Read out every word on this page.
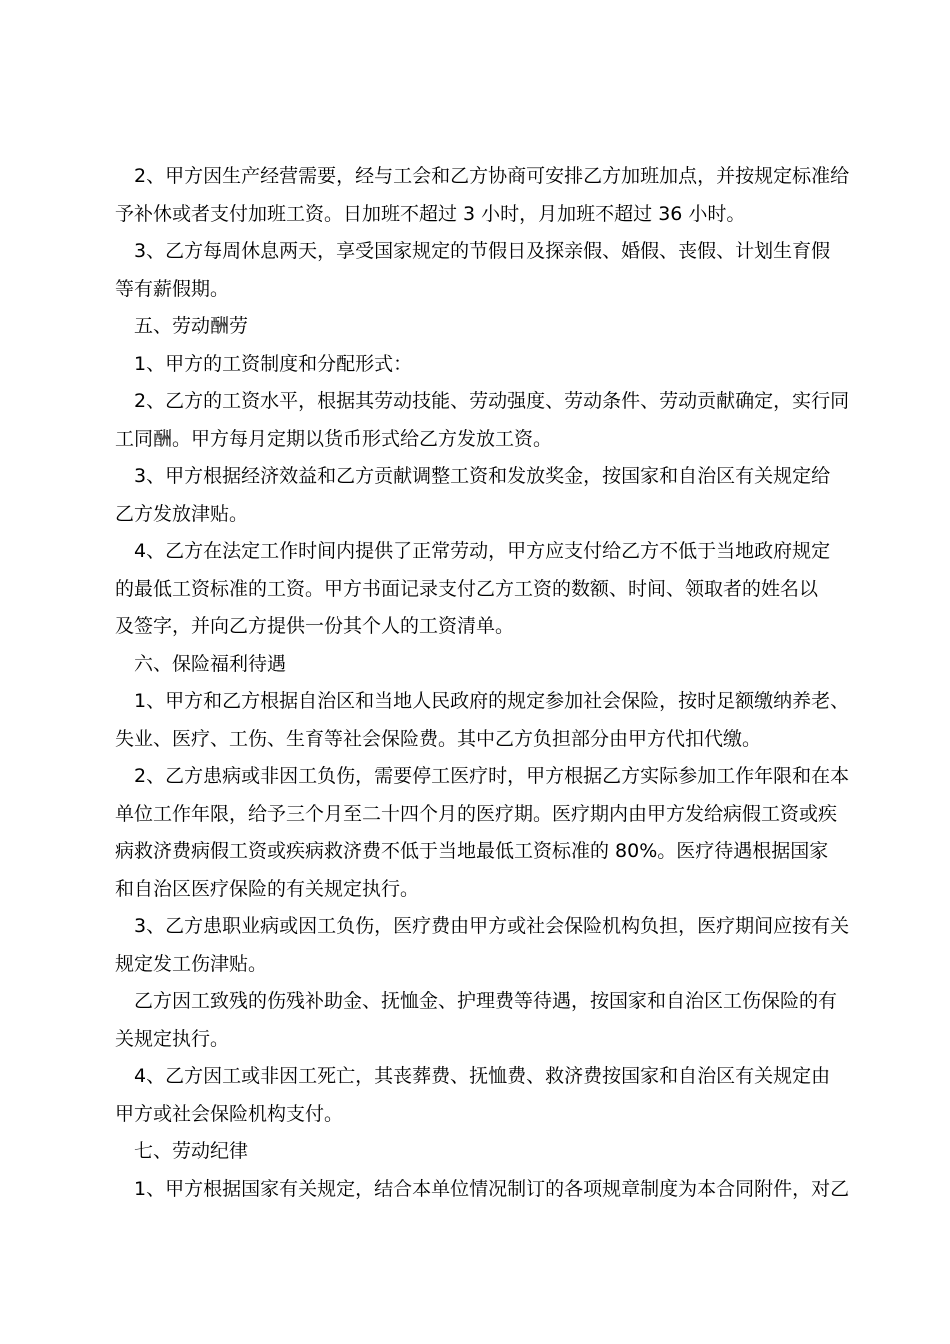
2、甲方因生产经营需要，经与工会和乙方协商可安排乙方加班加点，并按规定标准给
予补休或者支付加班工资。日加班不超过 3 小时，月加班不超过 36 小时。
3、乙方每周休息两天，享受国家规定的节假日及探亲假、婚假、丧假、计划生育假
等有薪假期。
五、劳动酬劳
1、甲方的工资制度和分配形式：
2、乙方的工资水平，根据其劳动技能、劳动强度、劳动条件、劳动贡献确定，实行同
工同酬。甲方每月定期以货币形式给乙方发放工资。
3、甲方根据经济效益和乙方贡献调整工资和发放奖金，按国家和自治区有关规定给
乙方发放津贴。
4、乙方在法定工作时间内提供了正常劳动，甲方应支付给乙方不低于当地政府规定
的最低工资标准的工资。甲方书面记录支付乙方工资的数额、时间、领取者的姓名以
及签字，并向乙方提供一份其个人的工资清单。
六、保险福利待遇
1、甲方和乙方根据自治区和当地人民政府的规定参加社会保险，按时足额缴纳养老、
失业、医疗、工伤、生育等社会保险费。其中乙方负担部分由甲方代扣代缴。
2、乙方患病或非因工负伤，需要停工医疗时，甲方根据乙方实际参加工作年限和在本
单位工作年限，给予三个月至二十四个月的医疗期。医疗期内由甲方发给病假工资或疾
病救济费病假工资或疾病救济费不低于当地最低工资标准的 80%。医疗待遇根据国家
和自治区医疗保险的有关规定执行。
3、乙方患职业病或因工负伤，医疗费由甲方或社会保险机构负担，医疗期间应按有关
规定发工伤津贴。
乙方因工致残的伤残补助金、抚恤金、护理费等待遇，按国家和自治区工伤保险的有
关规定执行。
4、乙方因工或非因工死亡，其丧葬费、抚恤费、救济费按国家和自治区有关规定由
甲方或社会保险机构支付。
七、劳动纪律
1、甲方根据国家有关规定，结合本单位情况制订的各项规章制度为本合同附件，对乙
